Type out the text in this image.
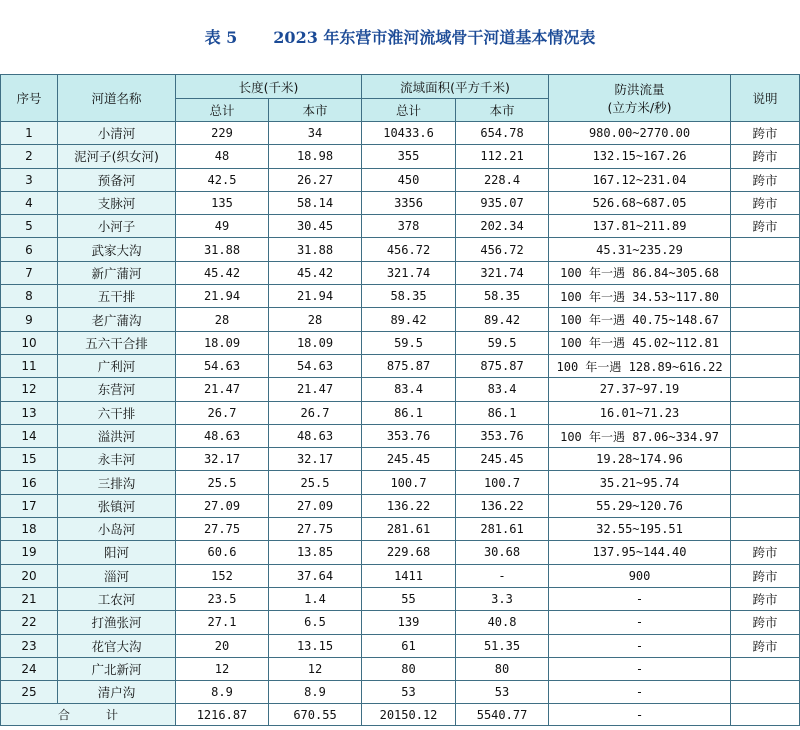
表 5 2023 年东营市淮河流域骨干河道基本情况表
序号	河道名称	长度(千米)		流域面积(平方千米)		防洪流量
(立方米/秒)	说明
		总计	本市	总计	本市		
1	小清河	229	34	10433.6	654.78	980.00~2770.00	跨市
2	泥河子(织女河)	48	18.98	355	112.21	132.15~167.26	跨市
3	预备河	42.5	26.27	450	228.4	167.12~231.04	跨市
4	支脉河	135	58.14	3356	935.07	526.68~687.05	跨市
5	小河子	49	30.45	378	202.34	137.81~211.89	跨市
6	武家大沟	31.88	31.88	456.72	456.72	45.31~235.29	
7	新广蒲河	45.42	45.42	321.74	321.74	100 年一遇 86.84~305.68	
8	五干排	21.94	21.94	58.35	58.35	100 年一遇 34.53~117.80	
9	老广蒲沟	28	28	89.42	89.42	100 年一遇 40.75~148.67	
10	五六干合排	18.09	18.09	59.5	59.5	100 年一遇 45.02~112.81	
11	广利河	54.63	54.63	875.87	875.87	100 年一遇 128.89~616.22	
12	东营河	21.47	21.47	83.4	83.4	27.37~97.19	
13	六干排	26.7	26.7	86.1	86.1	16.01~71.23	
14	溢洪河	48.63	48.63	353.76	353.76	100 年一遇 87.06~334.97	
15	永丰河	32.17	32.17	245.45	245.45	19.28~174.96	
16	三排沟	25.5	25.5	100.7	100.7	35.21~95.74	
17	张镇河	27.09	27.09	136.22	136.22	55.29~120.76	
18	小岛河	27.75	27.75	281.61	281.61	32.55~195.51	
19	阳河	60.6	13.85	229.68	30.68	137.95~144.40	跨市
20	淄河	152	37.64	1411	-	900	跨市
21	工农河	23.5	1.4	55	3.3	-	跨市
22	打渔张河	27.1	6.5	139	40.8	-	跨市
23	花官大沟	20	13.15	61	51.35	-	跨市
24	广北新河	12	12	80	80	-	
25	清户沟	8.9	8.9	53	53	-	
合　　　计		1216.87	670.55	20150.12	5540.77	-	
